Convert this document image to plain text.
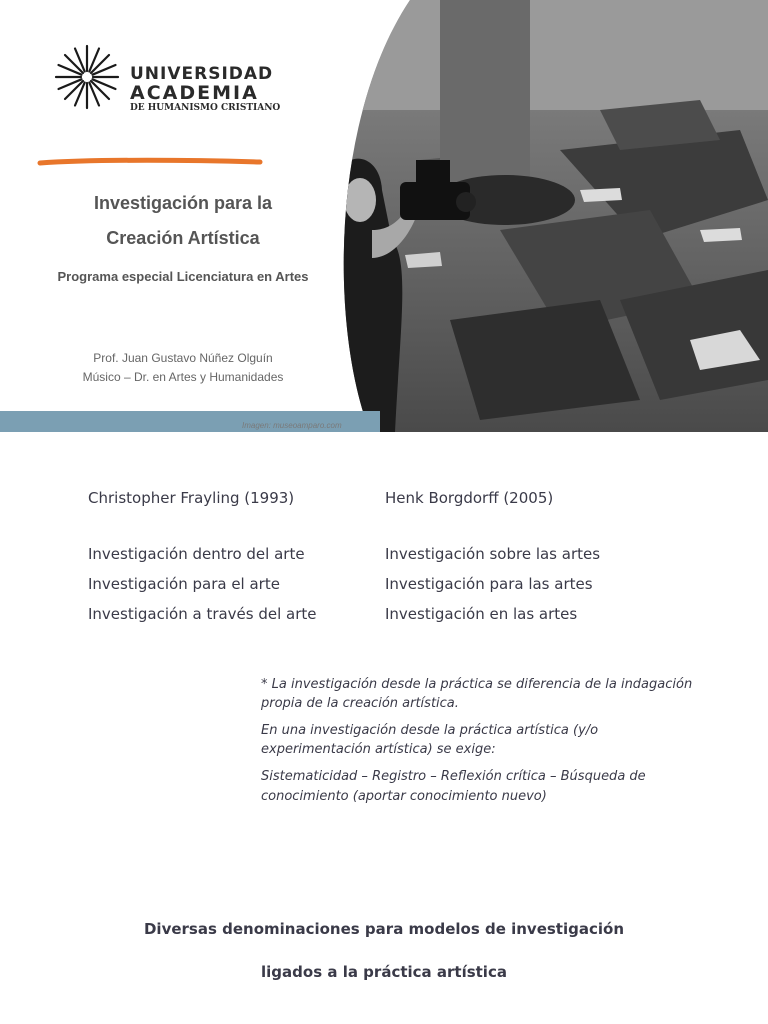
UNIVERSIDAD
ACADEMIA
DE HUMANISMO CRISTIANO
Investigación para la
Creación Artística
Programa especial Licenciatura en Artes
Prof. Juan Gustavo Núñez Olguín
Músico – Dr. en Artes y Humanidades
Imagen: museoamparo.com
Christopher Frayling (1993)	Henk Borgdorff (2005)
Investigación dentro del arte
Investigación para el arte
Investigación a través del arte
Investigación sobre las artes
Investigación para las artes
Investigación en las artes
* La investigación desde la práctica se diferencia de la indagación
propia de la creación artística.
En una investigación desde la práctica artística (y/o
experimentación artística) se exige:
Sistematicidad – Registro – Reflexión crítica – Búsqueda de
conocimiento (aportar conocimiento nuevo)
Diversas denominaciones para modelos de investigación
ligados a la práctica artística
